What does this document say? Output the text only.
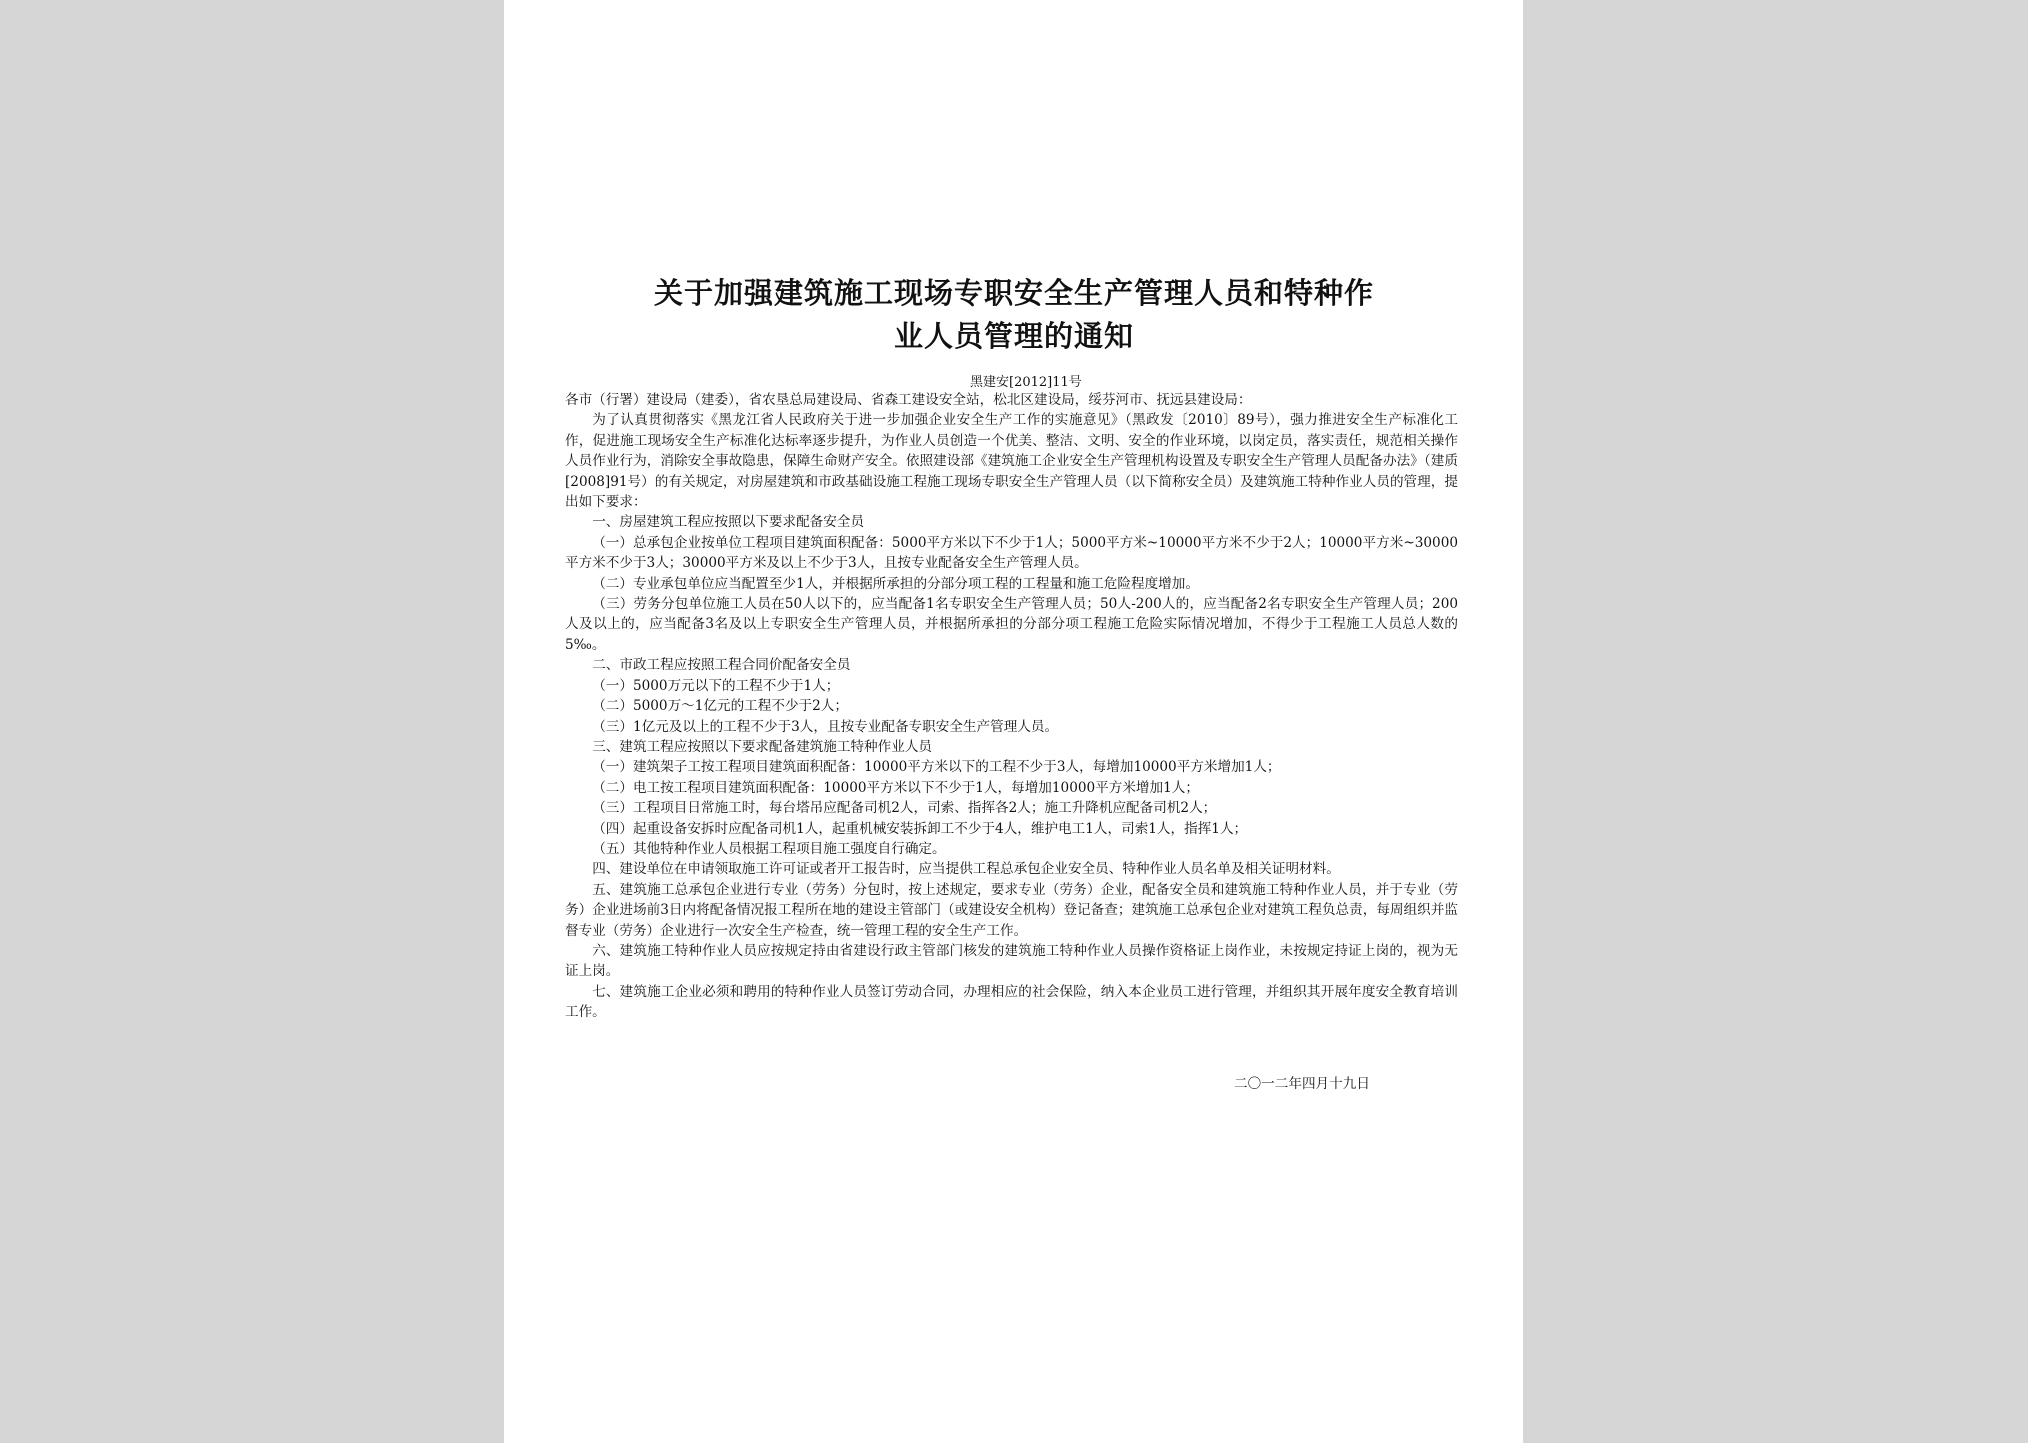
关于加强建筑施工现场专职安全生产管理人员和特种作
业人员管理的通知
黑建安[2012]11号

各市（行署）建设局（建委），省农垦总局建设局、省森工建设安全站，松北区建设局，绥芬河市、抚远县建设局：

为了认真贯彻落实《黑龙江省人民政府关于进一步加强企业安全生产工作的实施意见》（黑政发〔2010〕89号），强力推进安全生产标准化工作，促进施工现场安全生产标准化达标率逐步提升，为作业人员创造一个优美、整洁、文明、安全的作业环境，以岗定员，落实责任，规范相关操作人员作业行为，消除安全事故隐患，保障生命财产安全。依照建设部《建筑施工企业安全生产管理机构设置及专职安全生产管理人员配备办法》（建质[2008]91号）的有关规定，对房屋建筑和市政基础设施工程施工现场专职安全生产管理人员（以下简称安全员）及建筑施工特种作业人员的管理，提出如下要求：

一、房屋建筑工程应按照以下要求配备安全员

（一）总承包企业按单位工程项目建筑面积配备：5000平方米以下不少于1人；5000平方米~10000平方米不少于2人；10000平方米~30000平方米不少于3人；30000平方米及以上不少于3人，且按专业配备安全生产管理人员。

（二）专业承包单位应当配置至少1人，并根据所承担的分部分项工程的工程量和施工危险程度增加。

（三）劳务分包单位施工人员在50人以下的，应当配备1名专职安全生产管理人员；50人-200人的，应当配备2名专职安全生产管理人员；200人及以上的，应当配备3名及以上专职安全生产管理人员，并根据所承担的分部分项工程施工危险实际情况增加，不得少于工程施工人员总人数的5‰。

二、市政工程应按照工程合同价配备安全员

（一）5000万元以下的工程不少于1人；

（二）5000万～1亿元的工程不少于2人；

（三）1亿元及以上的工程不少于3人，且按专业配备专职安全生产管理人员。

三、建筑工程应按照以下要求配备建筑施工特种作业人员

（一）建筑架子工按工程项目建筑面积配备：10000平方米以下的工程不少于3人，每增加10000平方米增加1人；

（二）电工按工程项目建筑面积配备：10000平方米以下不少于1人，每增加10000平方米增加1人；

（三）工程项目日常施工时，每台塔吊应配备司机2人，司索、指挥各2人；施工升降机应配备司机2人；

（四）起重设备安拆时应配备司机1人，起重机械安装拆卸工不少于4人，维护电工1人，司索1人，指挥1人；

（五）其他特种作业人员根据工程项目施工强度自行确定。

四、建设单位在申请领取施工许可证或者开工报告时，应当提供工程总承包企业安全员、特种作业人员名单及相关证明材料。

五、建筑施工总承包企业进行专业（劳务）分包时，按上述规定，要求专业（劳务）企业，配备安全员和建筑施工特种作业人员，并于专业（劳务）企业进场前3日内将配备情况报工程所在地的建设主管部门（或建设安全机构）登记备查；建筑施工总承包企业对建筑工程负总责，每周组织并监督专业（劳务）企业进行一次安全生产检查，统一管理工程的安全生产工作。

六、建筑施工特种作业人员应按规定持由省建设行政主管部门核发的建筑施工特种作业人员操作资格证上岗作业，未按规定持证上岗的，视为无证上岗。

七、建筑施工企业必须和聘用的特种作业人员签订劳动合同，办理相应的社会保险，纳入本企业员工进行管理，并组织其开展年度安全教育培训工作。

二〇一二年四月十九日
